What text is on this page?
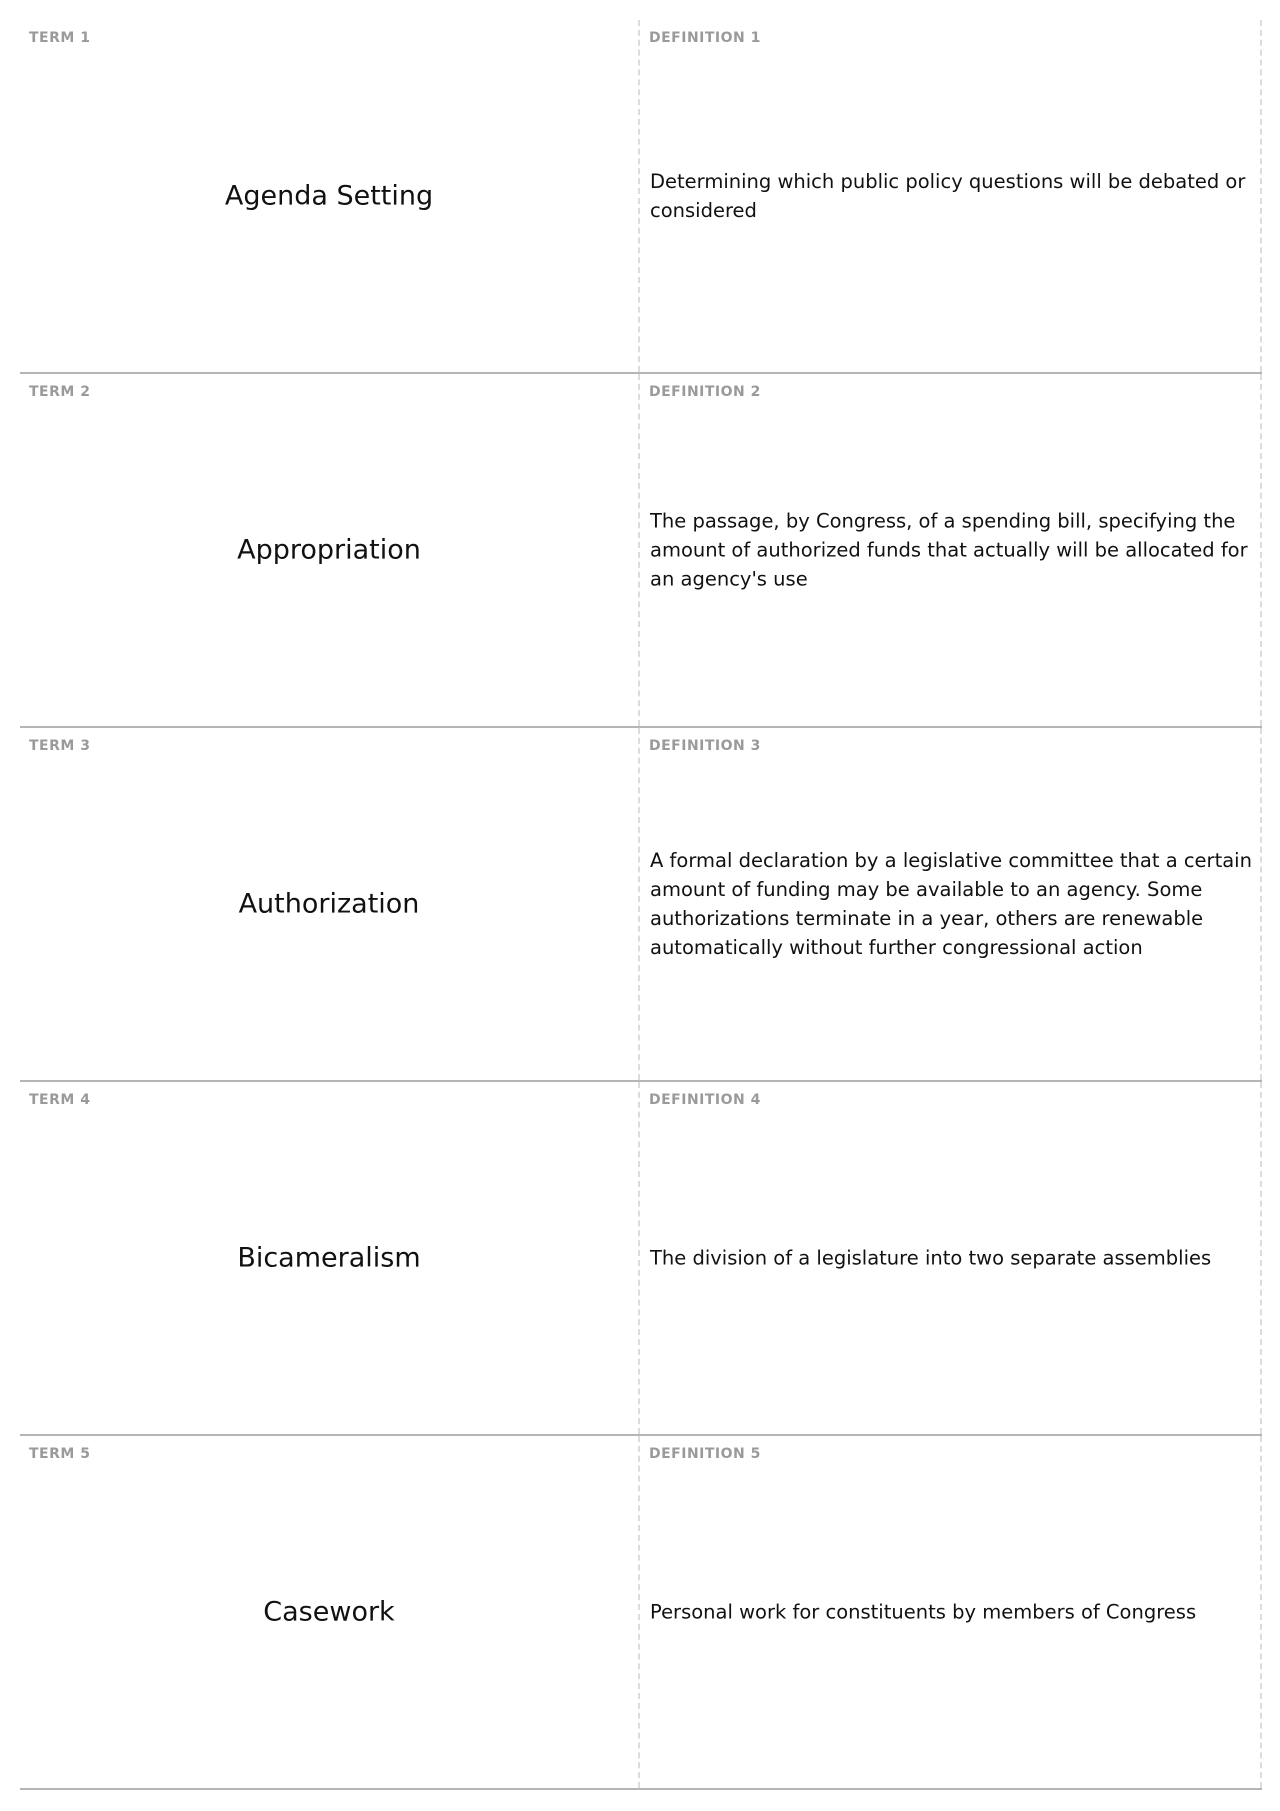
TERM 1
Agenda Setting
DEFINITION 1
Determining which public policy questions will be debated or considered
TERM 2
Appropriation
DEFINITION 2
The passage, by Congress, of a spending bill, specifying the amount of authorized funds that actually will be allocated for an agency's use
TERM 3
Authorization
DEFINITION 3
A formal declaration by a legislative committee that a certain amount of funding may be available to an agency. Some authorizations terminate in a year, others are renewable automatically without further congressional action
TERM 4
Bicameralism
DEFINITION 4
The division of a legislature into two separate assemblies
TERM 5
Casework
DEFINITION 5
Personal work for constituents by members of Congress
